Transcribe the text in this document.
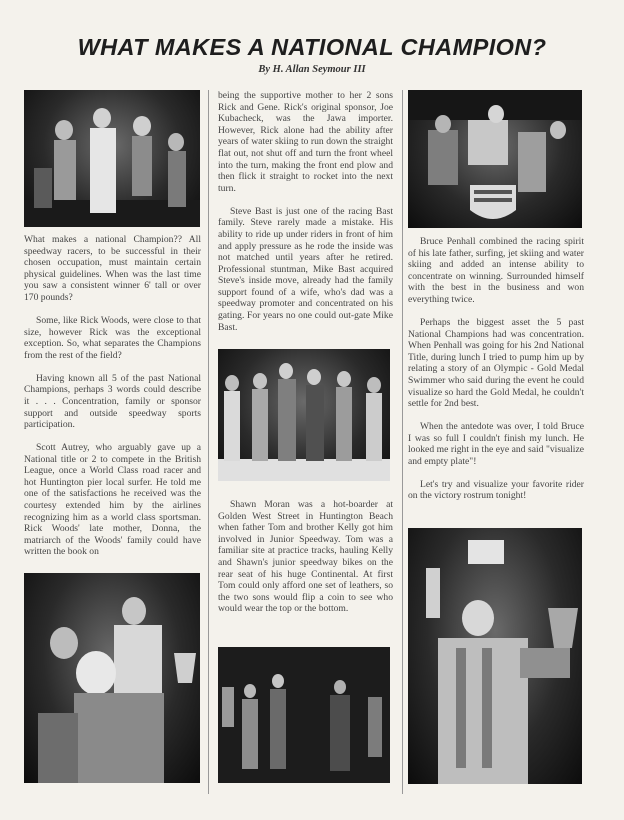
WHAT MAKES A NATIONAL CHAMPION?
By H. Allan Seymour III

What makes a national Champion?? All speedway racers, to be successful in their chosen occupation, must maintain certain physical guidelines. When was the last time you saw a consistent winner 6' tall or over 170 pounds?

Some, like Rick Woods, were close to that size, however Rick was the exceptional exception. So, what separates the Champions from the rest of the field?

Having known all 5 of the past National Champions, perhaps 3 words could describe it . . . Concentration, family or sponsor support and outside speedway sports participation.

Scott Autrey, who arguably gave up a National title or 2 to compete in the British League, once a World Class road racer and hot Huntington pier local surfer. He told me one of the satisfactions he received was the courtesy extended him by the airlines recognizing him as a world class sportsman. Rick Woods' late mother, Donna, the matriarch of the Woods' family could have written the book on

being the supportive mother to her 2 sons Rick and Gene. Rick's original sponsor, Joe Kubacheck, was the Jawa importer. However, Rick alone had the ability after years of water skiing to run down the straight flat out, not shut off and turn the front wheel into the turn, making the front end plow and then flick it straight to rocket into the next turn.

Steve Bast is just one of the racing Bast family. Steve rarely made a mistake. His ability to ride up under riders in front of him and apply pressure as he rode the inside was not matched until years after he retired. Professional stuntman, Mike Bast acquired Steve's inside move, already had the family support found of a wife, who's dad was a speedway promoter and concentrated on his gating. For years no one could out-gate Mike Bast.

Shawn Moran was a hot-boarder at Golden West Street in Huntington Beach when father Tom and brother Kelly got him involved in Junior Speedway. Tom was a familiar site at practice tracks, hauling Kelly and Shawn's junior speedway bikes on the rear seat of his huge Continental. At first Tom could only afford one set of leathers, so the two sons would flip a coin to see who would wear the top or the bottom.

Bruce Penhall combined the racing spirit of his late father, surfing, jet skiing and water skiing and added an intense ability to concentrate on winning. Surrounded himself with the best in the business and won everything twice.

Perhaps the biggest asset the 5 past National Champions had was concentration. When Penhall was going for his 2nd National Title, during lunch I tried to pump him up by relating a story of an Olympic - Gold Medal Swimmer who said during the event he could visualize so hard the Gold Medal, he couldn't settle for 2nd best.

When the antedote was over, I told Bruce I was so full I couldn't finish my lunch. He looked me right in the eye and said "visualize and empty plate"!

Let's try and visualize your favorite rider on the victory rostrum tonight!
